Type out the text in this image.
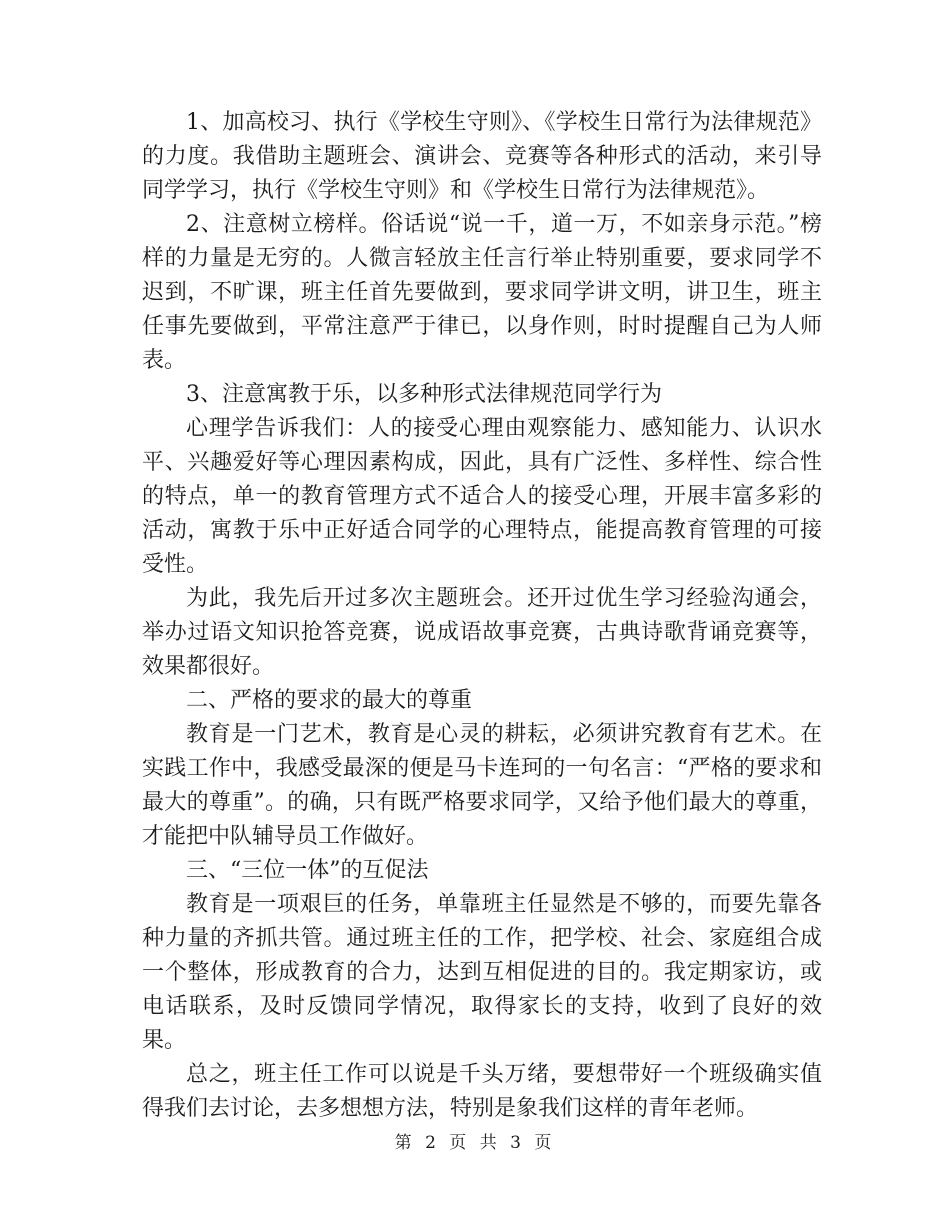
1、加高校习、执行《学校生守则》、《学校生日常行为法律规范》的力度。我借助主题班会、演讲会、竞赛等各种形式的活动，来引导同学学习，执行《学校生守则》和《学校生日常行为法律规范》。

2、注意树立榜样。俗话说“说一千，道一万，不如亲身示范。”榜样的力量是无穷的。人微言轻放主任言行举止特别重要，要求同学不迟到，不旷课，班主任首先要做到，要求同学讲文明，讲卫生，班主任事先要做到，平常注意严于律已，以身作则，时时提醒自己为人师表。

3、注意寓教于乐，以多种形式法律规范同学行为

心理学告诉我们：人的接受心理由观察能力、感知能力、认识水平、兴趣爱好等心理因素构成，因此，具有广泛性、多样性、综合性的特点，单一的教育管理方式不适合人的接受心理，开展丰富多彩的活动，寓教于乐中正好适合同学的心理特点，能提高教育管理的可接受性。

为此，我先后开过多次主题班会。还开过优生学习经验沟通会，举办过语文知识抢答竞赛，说成语故事竞赛，古典诗歌背诵竞赛等，效果都很好。

二、严格的要求的最大的尊重

教育是一门艺术，教育是心灵的耕耘，必须讲究教育有艺术。在实践工作中，我感受最深的便是马卡连珂的一句名言：“严格的要求和最大的尊重”。的确，只有既严格要求同学，又给予他们最大的尊重，才能把中队辅导员工作做好。

三、“三位一体”的互促法

教育是一项艰巨的任务，单靠班主任显然是不够的，而要先靠各种力量的齐抓共管。通过班主任的工作，把学校、社会、家庭组合成一个整体，形成教育的合力，达到互相促进的目的。我定期家访，或电话联系，及时反馈同学情况，取得家长的支持，收到了良好的效果。

总之，班主任工作可以说是千头万绪，要想带好一个班级确实值得我们去讨论，去多想想方法，特别是象我们这样的青年老师。

第 2 页 共 3 页
